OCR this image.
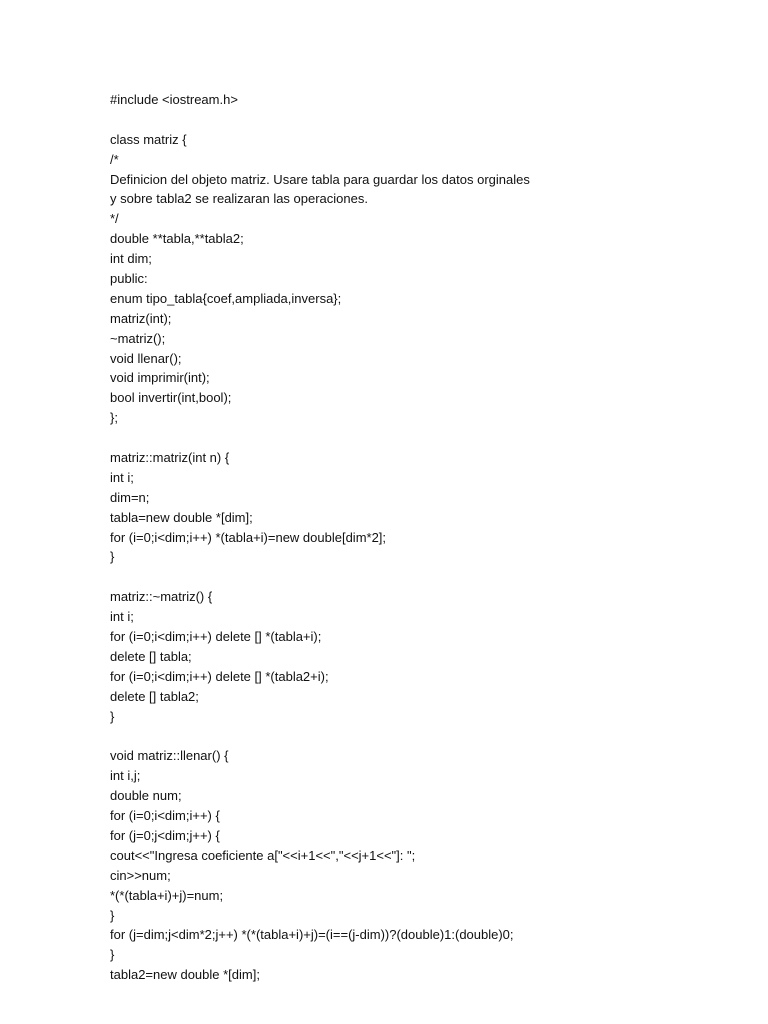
#include <iostream.h>
class matriz {
/*
Definicion del objeto matriz. Usare tabla para guardar los datos orginales
y sobre tabla2 se realizaran las operaciones.
*/
double **tabla,**tabla2;
int dim;
public:
enum tipo_tabla{coef,ampliada,inversa};
matriz(int);
~matriz();
void llenar();
void imprimir(int);
bool invertir(int,bool);
};
matriz::matriz(int n) {
int i;
dim=n;
tabla=new double *[dim];
for (i=0;i<dim;i++) *(tabla+i)=new double[dim*2];
}
matriz::~matriz() {
int i;
for (i=0;i<dim;i++) delete [] *(tabla+i);
delete [] tabla;
for (i=0;i<dim;i++) delete [] *(tabla2+i);
delete [] tabla2;
}
void matriz::llenar() {
int i,j;
double num;
for (i=0;i<dim;i++) {
for (j=0;j<dim;j++) {
cout<<"Ingresa coeficiente a["<<i+1<<","<<j+1<<"]: ";
cin>>num;
*(*(tabla+i)+j)=num;
}
for (j=dim;j<dim*2;j++) *(*(tabla+i)+j)=(i==(j-dim))?(double)1:(double)0;
}
tabla2=new double *[dim];
